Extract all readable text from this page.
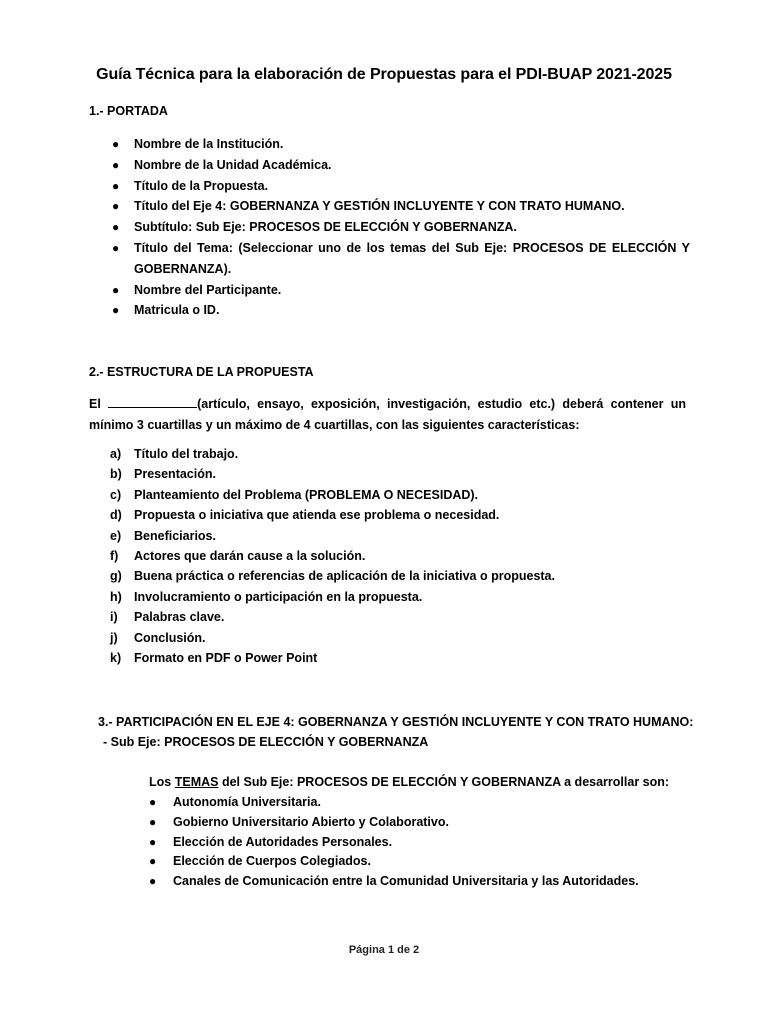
Guía Técnica para la elaboración de Propuestas para el PDI-BUAP 2021-2025
1.- PORTADA
● Nombre de la Institución.
● Nombre de la Unidad Académica.
● Título de la Propuesta.
● Título del Eje 4: GOBERNANZA Y GESTIÓN INCLUYENTE Y CON TRATO HUMANO.
● Subtítulo: Sub Eje: PROCESOS DE ELECCIÓN Y GOBERNANZA.
● Título del Tema: (Seleccionar uno de los temas del Sub Eje: PROCESOS DE ELECCIÓN Y GOBERNANZA).
● Nombre del Participante.
● Matricula o ID.
2.- ESTRUCTURA DE LA PROPUESTA
El	(artículo, ensayo, exposición, investigación, estudio etc.) deberá contener un mínimo 3 cuartillas y un máximo de 4 cuartillas, con las siguientes características:
a) Título del trabajo.
b) Presentación.
c) Planteamiento del Problema (PROBLEMA O NECESIDAD).
d) Propuesta o iniciativa que atienda ese problema o necesidad.
e) Beneficiarios.
f) Actores que darán cause a la solución.
g) Buena práctica o referencias de aplicación de la iniciativa o propuesta.
h) Involucramiento o participación en la propuesta.
i) Palabras clave.
j) Conclusión.
k) Formato en PDF o Power Point
3.- PARTICIPACIÓN EN EL EJE 4: GOBERNANZA Y GESTIÓN INCLUYENTE Y CON TRATO HUMANO:
- Sub Eje: PROCESOS DE ELECCIÓN Y GOBERNANZA
Los TEMAS del Sub Eje: PROCESOS DE ELECCIÓN Y GOBERNANZA a desarrollar son:
● Autonomía Universitaria.
● Gobierno Universitario Abierto y Colaborativo.
● Elección de Autoridades Personales.
● Elección de Cuerpos Colegiados.
● Canales de Comunicación entre la Comunidad Universitaria y las Autoridades.
Página 1 de 2
